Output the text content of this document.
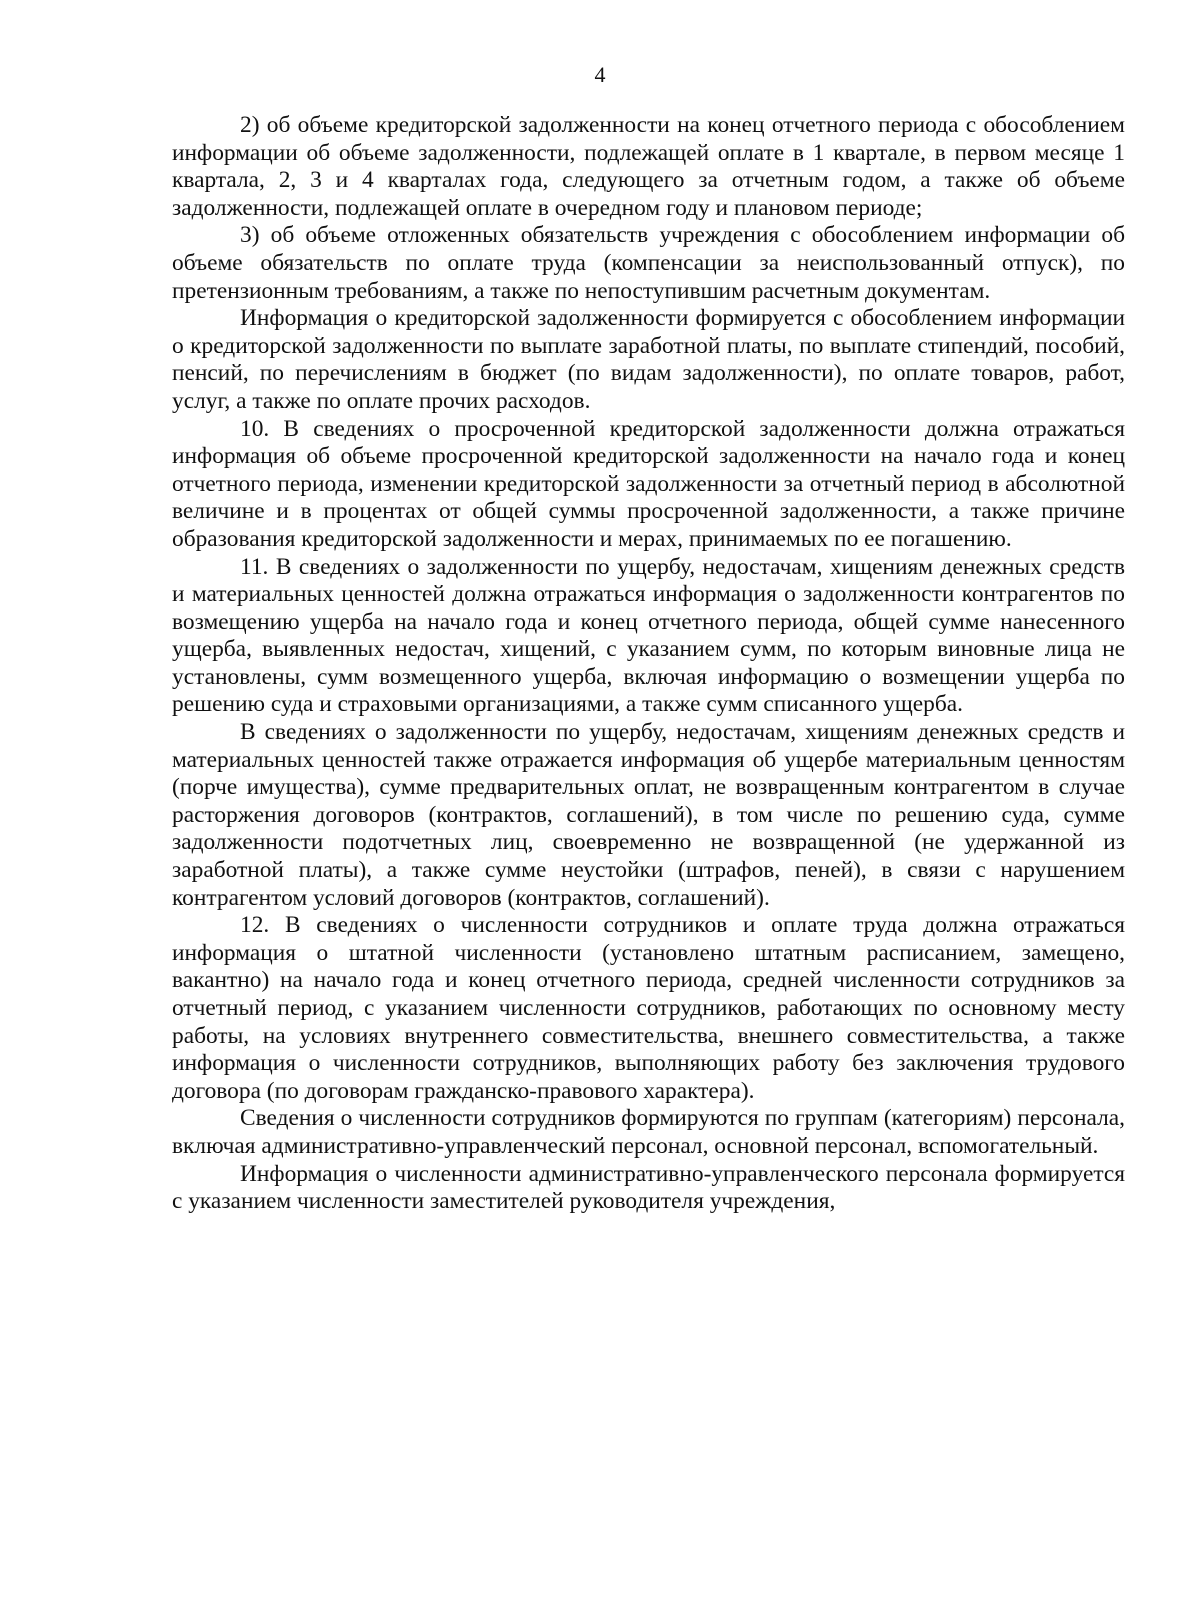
4

2) об объеме кредиторской задолженности на конец отчетного периода с обособлением информации об объеме задолженности, подлежащей оплате в 1 квартале, в первом месяце 1 квартала, 2, 3 и 4 кварталах года, следующего за отчетным годом, а также об объеме задолженности, подлежащей оплате в очередном году и плановом периоде;

3) об объеме отложенных обязательств учреждения с обособлением информации об объеме обязательств по оплате труда (компенсации за неиспользованный отпуск), по претензионным требованиям, а также по непоступившим расчетным документам.

Информация о кредиторской задолженности формируется с обособлением информации о кредиторской задолженности по выплате заработной платы, по выплате стипендий, пособий, пенсий, по перечислениям в бюджет (по видам задолженности), по оплате товаров, работ, услуг, а также по оплате прочих расходов.

10. В сведениях о просроченной кредиторской задолженности должна отражаться информация об объеме просроченной кредиторской задолженности на начало года и конец отчетного периода, изменении кредиторской задолженности за отчетный период в абсолютной величине и в процентах от общей суммы просроченной задолженности, а также причине образования кредиторской задолженности и мерах, принимаемых по ее погашению.

11. В сведениях о задолженности по ущербу, недостачам, хищениям денежных средств и материальных ценностей должна отражаться информация о задолженности контрагентов по возмещению ущерба на начало года и конец отчетного периода, общей сумме нанесенного ущерба, выявленных недостач, хищений, с указанием сумм, по которым виновные лица не установлены, сумм возмещенного ущерба, включая информацию о возмещении ущерба по решению суда и страховыми организациями, а также сумм списанного ущерба.

В сведениях о задолженности по ущербу, недостачам, хищениям денежных средств и материальных ценностей также отражается информация об ущербе материальным ценностям (порче имущества), сумме предварительных оплат, не возвращенным контрагентом в случае расторжения договоров (контрактов, соглашений), в том числе по решению суда, сумме задолженности подотчетных лиц, своевременно не возвращенной (не удержанной из заработной платы), а также сумме неустойки (штрафов, пеней), в связи с нарушением контрагентом условий договоров (контрактов, соглашений).

12. В сведениях о численности сотрудников и оплате труда должна отражаться информация о штатной численности (установлено штатным расписанием, замещено, вакантно) на начало года и конец отчетного периода, средней численности сотрудников за отчетный период, с указанием численности сотрудников, работающих по основному месту работы, на условиях внутреннего совместительства, внешнего совместительства, а также информация о численности сотрудников, выполняющих работу без заключения трудового договора (по договорам гражданско-правового характера).

Сведения о численности сотрудников формируются по группам (категориям) персонала, включая административно-управленческий персонал, основной персонал, вспомогательный.

Информация о численности административно-управленческого персонала формируется с указанием численности заместителей руководителя учреждения,
